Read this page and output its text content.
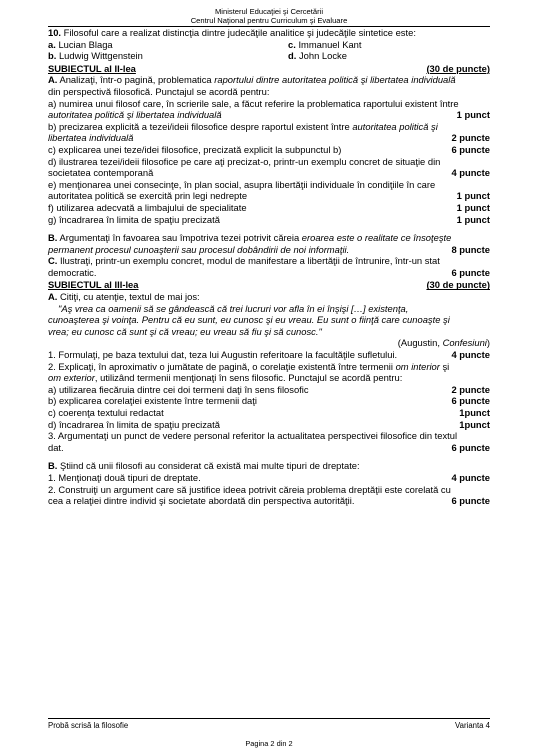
Ministerul Educaţiei şi Cercetării
Centrul Naţional pentru Curriculum şi Evaluare

10. Filosoful care a realizat distincţia dintre judecăţile analitice şi judecăţile sintetice este:

a. Lucian Blaga	c. Immanuel Kant
b. Ludwig Wittgenstein	d. John Locke
SUBIECTUL al II-lea	(30 de puncte)

A. Analizaţi, într-o pagină, problematica raportului dintre autoritatea politică şi libertatea individuală

din perspectivă filosofică. Punctajul se acordă pentru:

a) numirea unui filosof care, în scrierile sale, a făcut referire la problematica raportului existent între

autoritatea politică şi libertatea individuală	1 punct

b) precizarea explicită a tezei/ideii filosofice despre raportul existent între autoritatea politică şi

libertatea individuală	2 puncte
c) explicarea unei teze/idei filosofice, precizată explicit la subpunctul b)	6 puncte

d) ilustrarea tezei/ideii filosofice pe care aţi precizat-o, printr-un exemplu concret de situaţie din

societatea contemporană	4 puncte

e) menţionarea unei consecinţe, în plan social, asupra libertăţii individuale în condiţiile în care

autoritatea politică se exercită prin legi nedrepte	1 punct
f) utilizarea adecvată a limbajului de specialitate	1 punct
g) încadrarea în limita de spaţiu precizată	1 punct

B. Argumentaţi în favoarea sau împotriva tezei potrivit căreia eroarea este o realitate ce însoţeşte

permanent procesul cunoaşterii sau procesul dobândirii de noi informaţii.	8 puncte

C. Ilustraţi, printr-un exemplu concret, modul de manifestare a libertăţii de întrunire, într-un stat

democratic.	6 puncte
SUBIECTUL al III-lea	(30 de puncte)

A. Citiţi, cu atenţie, textul de mai jos:

"Aş vrea ca oamenii să se gândească că trei lucruri vor afla în ei înşişi […] existenţa,

cunoaşterea şi voinţa. Pentru că eu sunt, eu cunosc şi eu vreau. Eu sunt o fiinţă care cunoaşte şi

vrea; eu cunosc că sunt şi că vreau; eu vreau să fiu şi să cunosc."

(Augustin, Confesiuni)

1. Formulaţi, pe baza textului dat, teza lui Augustin referitoare la facultăţile sufletului.	4 puncte

2. Explicaţi, în aproximativ o jumătate de pagină, o corelaţie existentă între termenii om interior şi

om exterior, utilizând termenii menţionaţi în sens filosofic. Punctajul se acordă pentru:

a) utilizarea fiecăruia dintre cei doi termeni daţi în sens filosofic	2 puncte
b) explicarea corelaţiei existente între termenii daţi	6 puncte
c) coerenţa textului redactat	1punct
d) încadrarea în limita de spaţiu precizată	1punct

3. Argumentaţi un punct de vedere personal referitor la actualitatea perspectivei filosofice din textul

dat.	6 puncte

B. Ştiind că unii filosofi au considerat că există mai multe tipuri de dreptate:

1. Menţionaţi două tipuri de dreptate.	4 puncte

2. Construiţi un argument care să justifice ideea potrivit căreia problema dreptăţii este corelată cu

cea a relaţiei dintre individ şi societate abordată din perspectiva autorităţii.	6 puncte
Probă scrisă la filosofie	Varianta 4
Pagina 2 din 2
